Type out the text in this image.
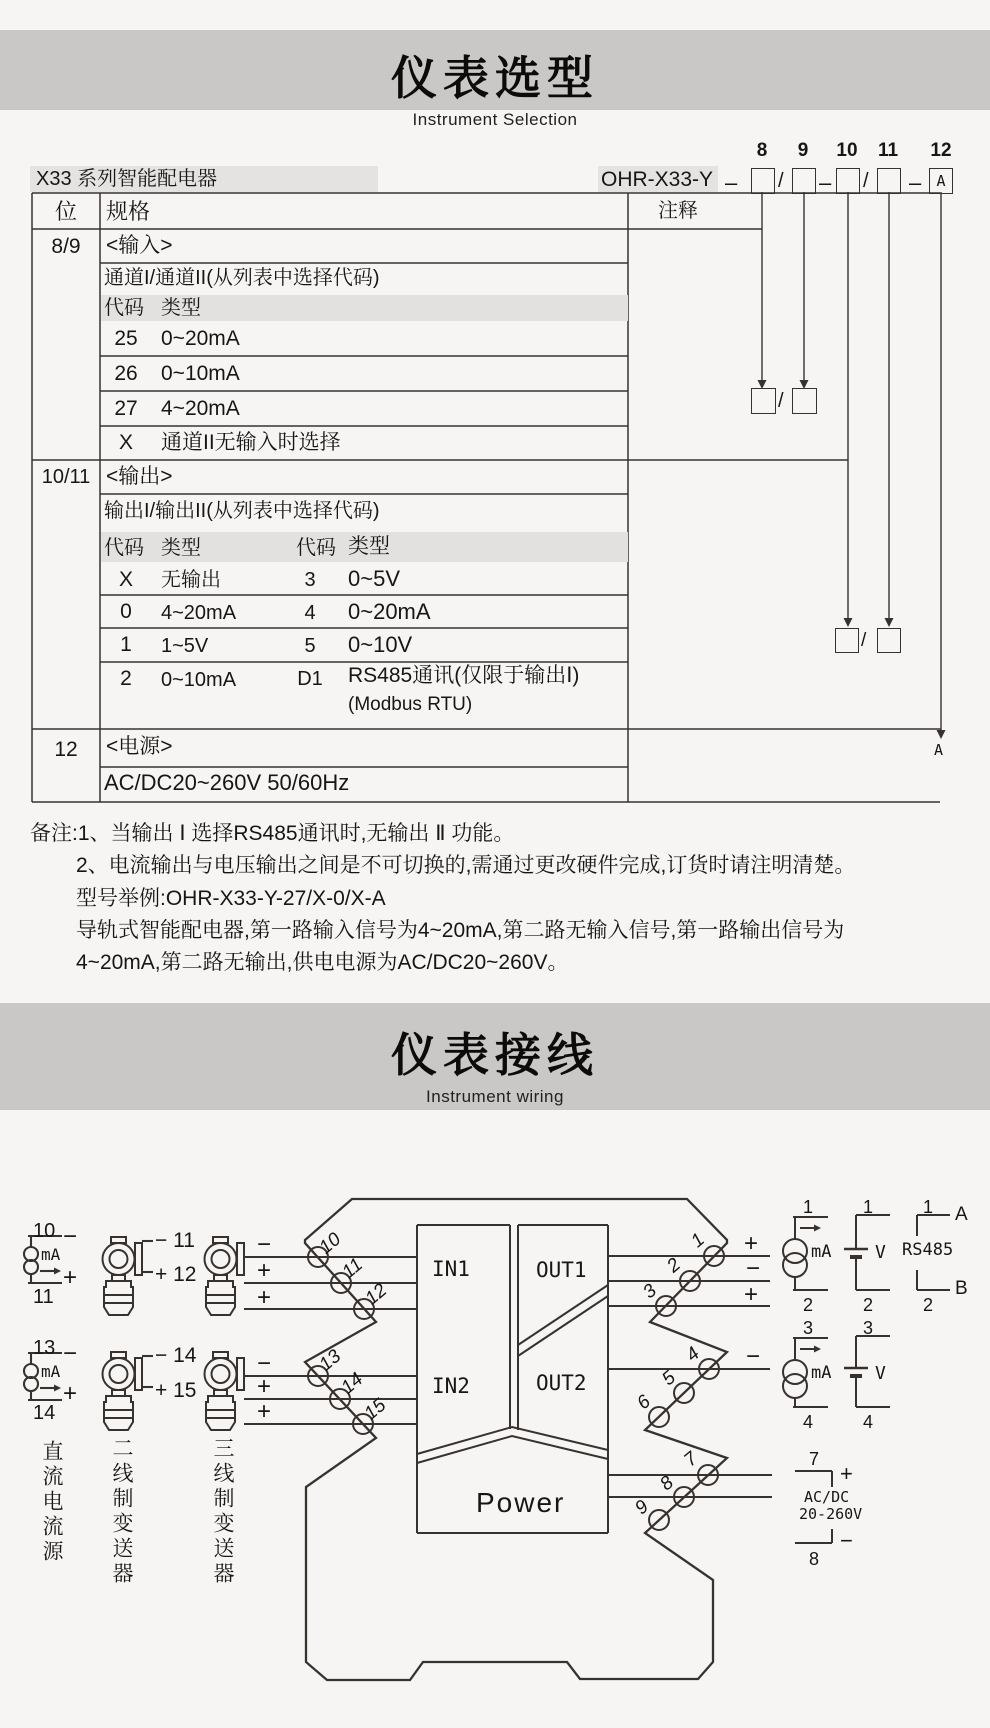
仪表选型
Instrument Selection
X33 系列智能配电器	OHR-X33-Y
8	9	10 11 12
– / – / –	A
/
/
A
位	规格	注释
8/9	<输入>
通道I/通道II(从列表中选择代码)
代码 类型
25	0~20mA
26	0~10mA
27	4~20mA
X	通道II无输入时选择
10/11 <输出>
输出I/输出II(从列表中选择代码)
代码 类型	代码 类型
X	无输出	3	0~5V
0	4~20mA	4	0~20mA
1	1~5V	5	0~10V
2	0~10mA	D1	RS485通讯(仅限于输出Ⅰ)
(Modbus RTU)
12	<电源>
AC/DC20~260V 50/60Hz
备注:1、当输出 Ⅰ 选择RS485通讯时,无输出 Ⅱ 功能。
2、电流输出与电压输出之间是不可切换的,需通过更改硬件完成,订货时请注明清楚。
型号举例:OHR-X33-Y-27/X-0/X-A
导轨式智能配电器,第一路输入信号为4~20mA,第二路无输入信号,第一路输出信号为
4~20mA,第二路无输出,供电电源为AC/DC20~260V。
仪表接线
Instrument wiring
10 −
mA
+
11
13 −
mA
+
14
− 11
+ 12
− 14
+ 15
−
+
+
−
+
+
10
11
12
13
14
15
1
2
3
4
5
6
7
8
9
IN1	OUT1
IN2	OUT2
Power
+
−
+
−
1
mA
2
1
V
2
1 A
RS485
B
2
3
mA
4
3
V
4
7
+
AC/DC
20-260V
−
8
直流电流源 二线制变送器	三线制变送器
